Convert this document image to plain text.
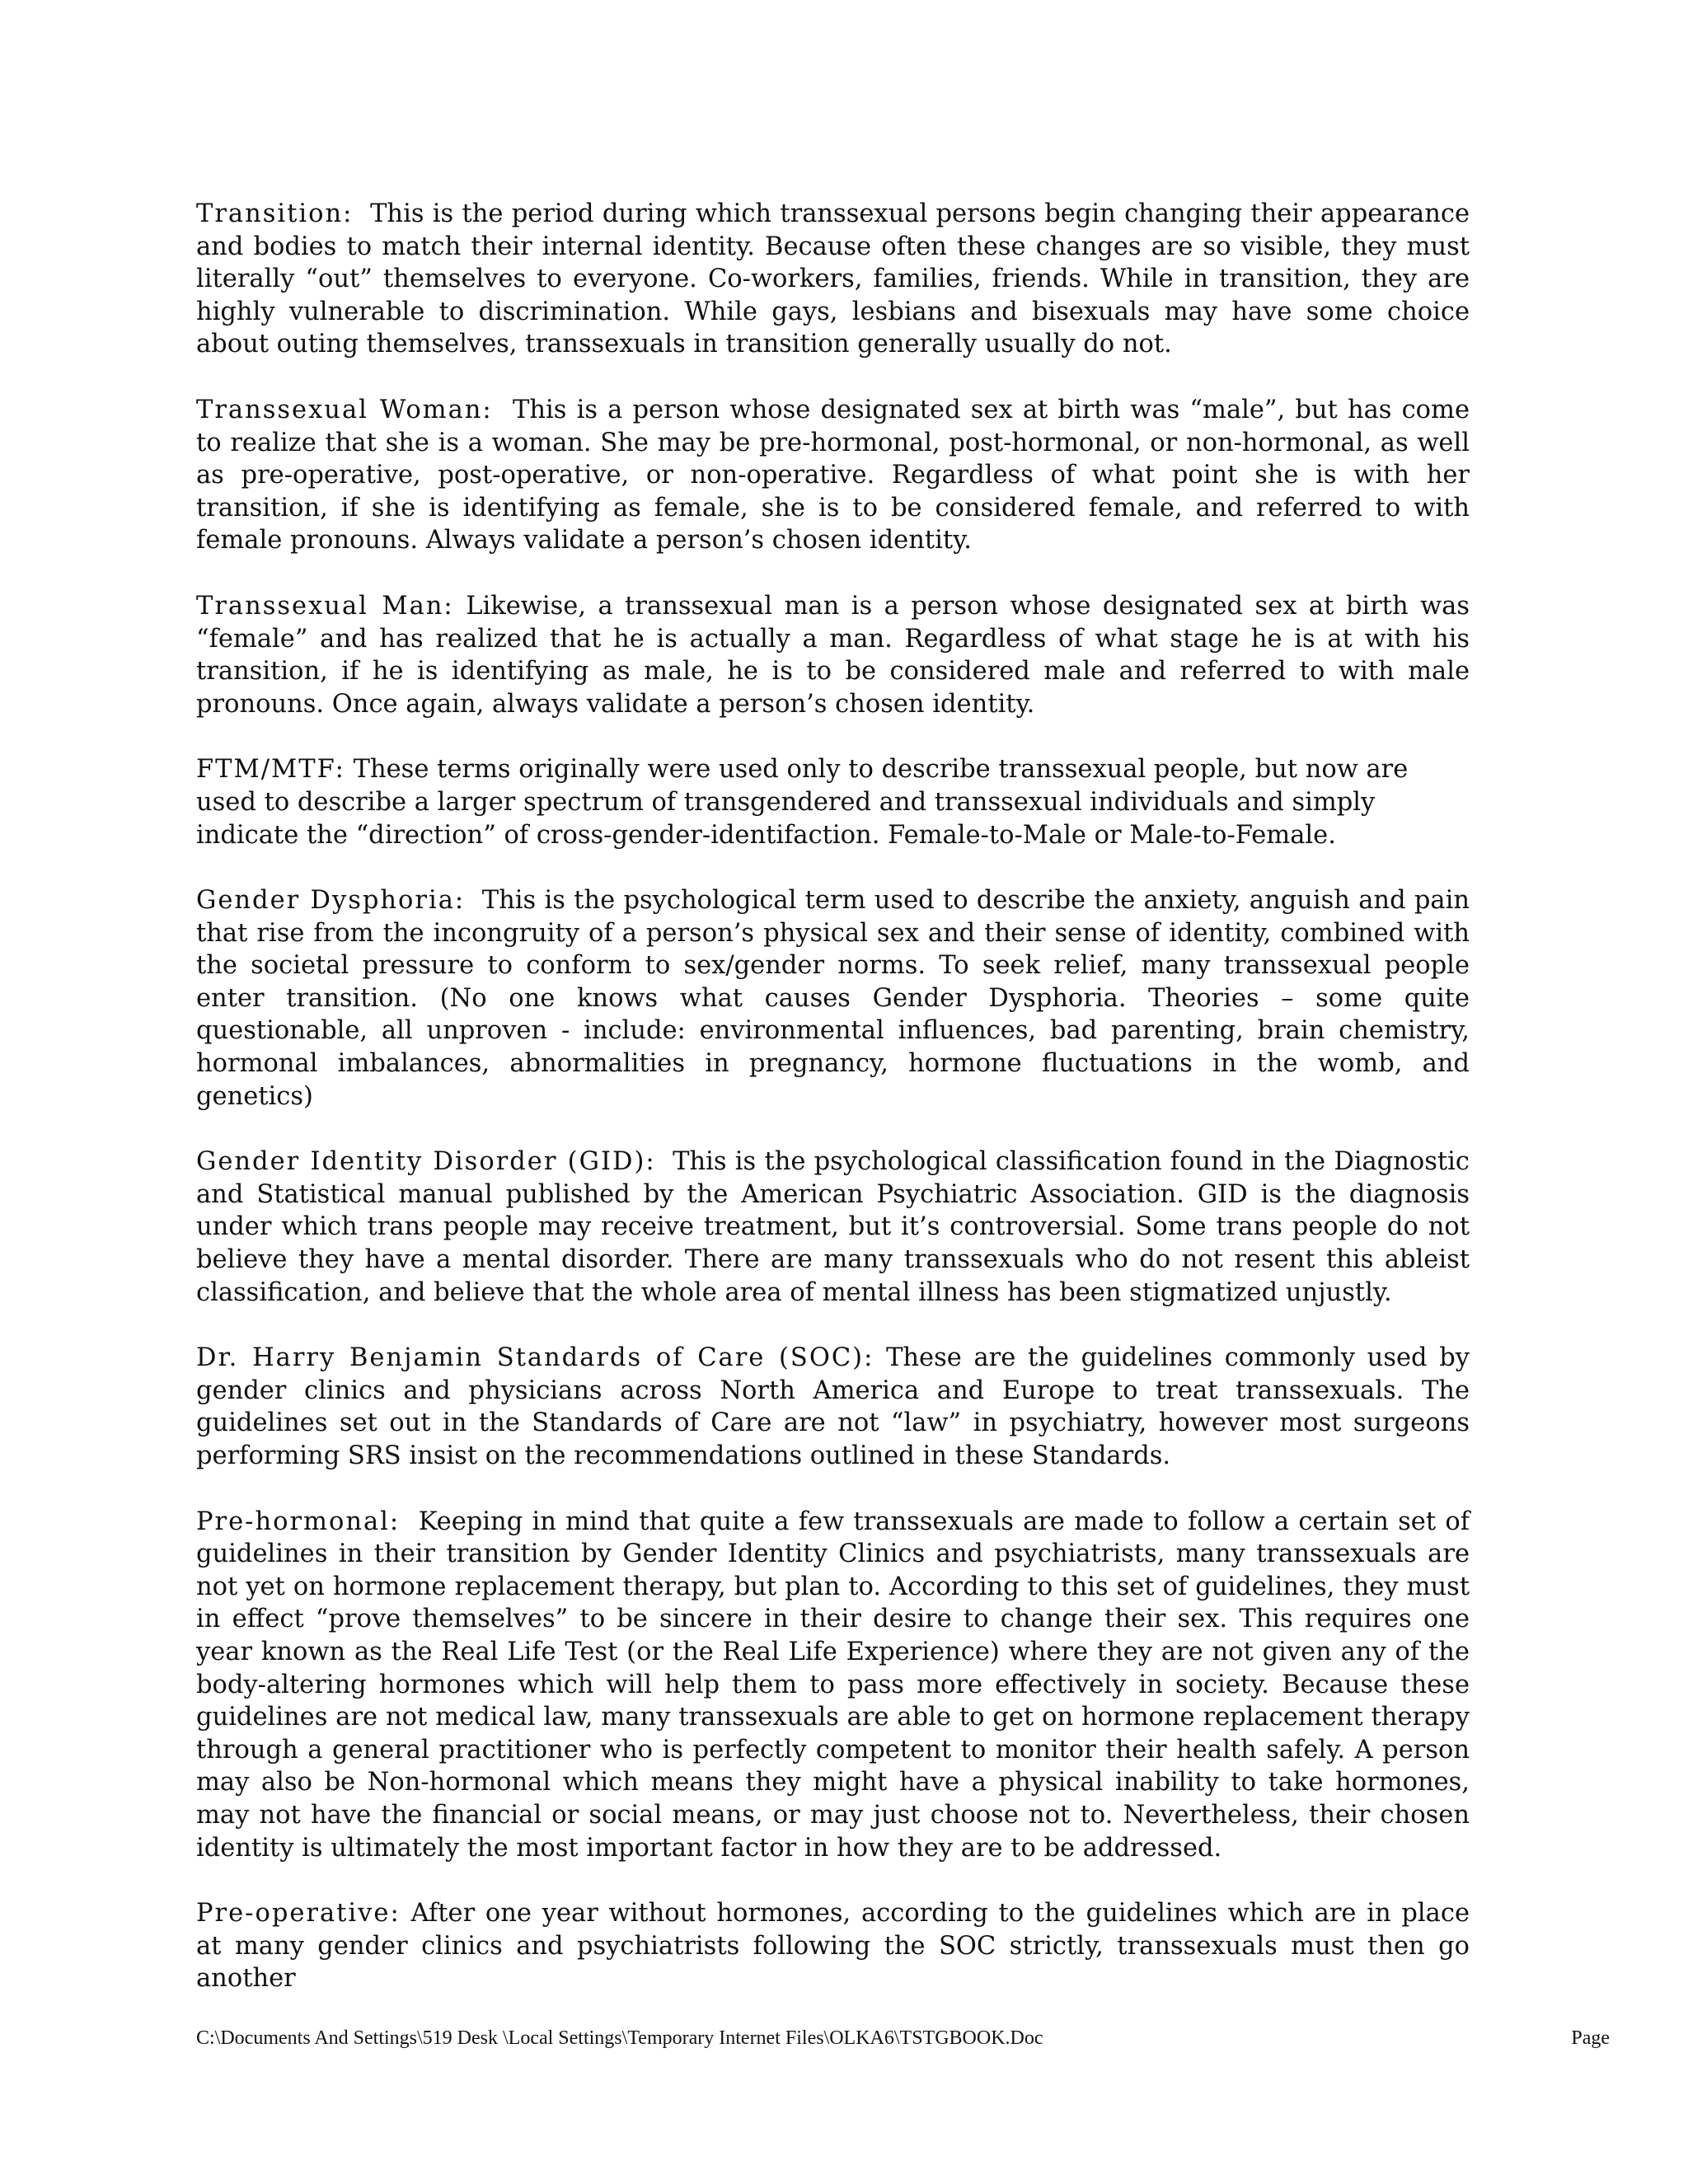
Transition: This is the period during which transsexual persons begin changing their appearance and bodies to match their internal identity. Because often these changes are so visible, they must literally “out” themselves to everyone. Co-workers, families, friends. While in transition, they are highly vulnerable to discrimination. While gays, lesbians and bisexuals may have some choice about outing themselves, transsexuals in transition generally usually do not.

Transsexual Woman: This is a person whose designated sex at birth was “male”, but has come to realize that she is a woman. She may be pre-hormonal, post-hormonal, or non-hormonal, as well as pre-operative, post-operative, or non-operative. Regardless of what point she is with her transition, if she is identifying as female, she is to be considered female, and referred to with female pronouns. Always validate a person’s chosen identity.

Transsexual Man: Likewise, a transsexual man is a person whose designated sex at birth was “female” and has realized that he is actually a man. Regardless of what stage he is at with his transition, if he is identifying as male, he is to be considered male and referred to with male pronouns. Once again, always validate a person’s chosen identity.

FTM/MTF: These terms originally were used only to describe transsexual people, but now are used to describe a larger spectrum of transgendered and transsexual individuals and simply indicate the “direction” of cross-gender-identifaction. Female-to-Male or Male-to-Female.

Gender Dysphoria: This is the psychological term used to describe the anxiety, anguish and pain that rise from the incongruity of a person’s physical sex and their sense of identity, combined with the societal pressure to conform to sex/gender norms. To seek relief, many transsexual people enter transition. (No one knows what causes Gender Dysphoria. Theories – some quite questionable, all unproven - include: environmental influences, bad parenting, brain chemistry, hormonal imbalances, abnormalities in pregnancy, hormone fluctuations in the womb, and genetics)

Gender Identity Disorder (GID): This is the psychological classification found in the Diagnostic and Statistical manual published by the American Psychiatric Association. GID is the diagnosis under which trans people may receive treatment, but it’s controversial. Some trans people do not believe they have a mental disorder. There are many transsexuals who do not resent this ableist classification, and believe that the whole area of mental illness has been stigmatized unjustly.

Dr. Harry Benjamin Standards of Care (SOC): These are the guidelines commonly used by gender clinics and physicians across North America and Europe to treat transsexuals. The guidelines set out in the Standards of Care are not “law” in psychiatry, however most surgeons performing SRS insist on the recommendations outlined in these Standards.

Pre-hormonal: Keeping in mind that quite a few transsexuals are made to follow a certain set of guidelines in their transition by Gender Identity Clinics and psychiatrists, many transsexuals are not yet on hormone replacement therapy, but plan to. According to this set of guidelines, they must in effect “prove themselves” to be sincere in their desire to change their sex. This requires one year known as the Real Life Test (or the Real Life Experience) where they are not given any of the body-altering hormones which will help them to pass more effectively in society. Because these guidelines are not medical law, many transsexuals are able to get on hormone replacement therapy through a general practitioner who is perfectly competent to monitor their health safely. A person may also be Non-hormonal which means they might have a physical inability to take hormones, may not have the financial or social means, or may just choose not to. Nevertheless, their chosen identity is ultimately the most important factor in how they are to be addressed.

Pre-operative: After one year without hormones, according to the guidelines which are in place at many gender clinics and psychiatrists following the SOC strictly, transsexuals must then go another

C:\Documents And Settings\519 Desk \Local Settings\Temporary Internet Files\OLKA6\TSTGBOOK.Doc	Page
